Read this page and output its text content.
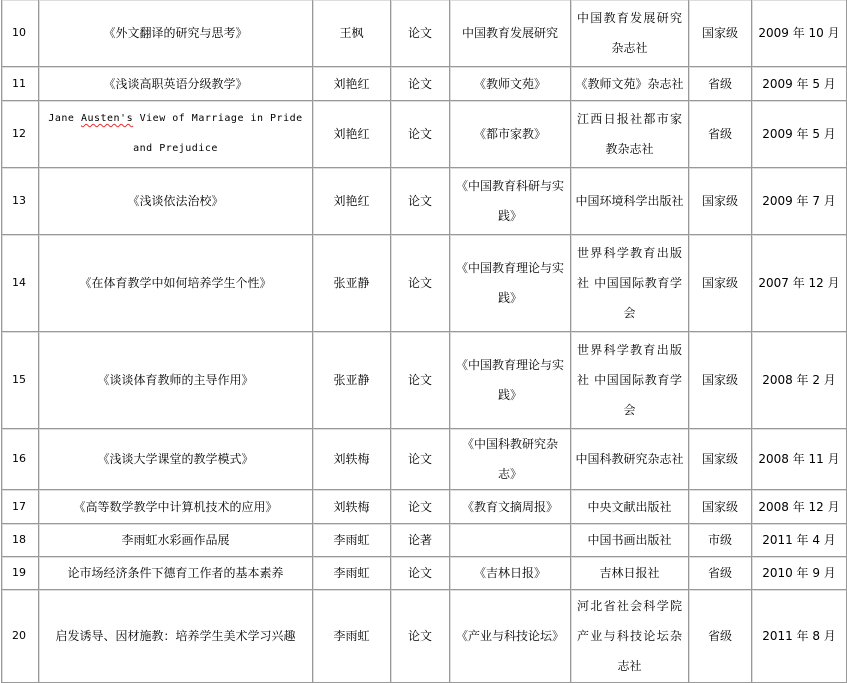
10	《外文翻译的研究与思考》	王枫	论文	中国教育发展研究	中国教育发展研究杂志社	国家级	2009 年 10 月
11	《浅谈高职英语分级教学》	刘艳红	论文	《教师文苑》	《教师文苑》杂志社	省级	2009 年 5 月
12	Jane Austen's View of Marriage in Pride and Prejudice	刘艳红	论文	《都市家教》	江西日报社都市家教杂志社	省级	2009 年 5 月
13	《浅谈依法治校》	刘艳红	论文	《中国教育科研与实践》	中国环境科学出版社	国家级	2009 年 7 月
14	《在体育教学中如何培养学生个性》	张亚静	论文	《中国教育理论与实践》	世界科学教育出版社 中国国际教育学会	国家级	2007 年 12 月
15	《谈谈体育教师的主导作用》	张亚静	论文	《中国教育理论与实践》	世界科学教育出版社 中国国际教育学会	国家级	2008 年 2 月
16	《浅谈大学课堂的教学模式》	刘轶梅	论文	《中国科教研究杂志》	中国科教研究杂志社	国家级	2008 年 11 月
17	《高等数学教学中计算机技术的应用》	刘轶梅	论文	《教育文摘周报》	中央文献出版社	国家级	2008 年 12 月
18	李雨虹水彩画作品展	李雨虹	论著		中国书画出版社	市级	2011 年 4 月
19	论市场经济条件下德育工作者的基本素养	李雨虹	论文	《吉林日报》	吉林日报社	省级	2010 年 9 月
20	启发诱导、因材施教：培养学生美术学习兴趣	李雨虹	论文	《产业与科技论坛》	河北省社会科学院 产业与科技论坛杂志社	省级	2011 年 8 月
